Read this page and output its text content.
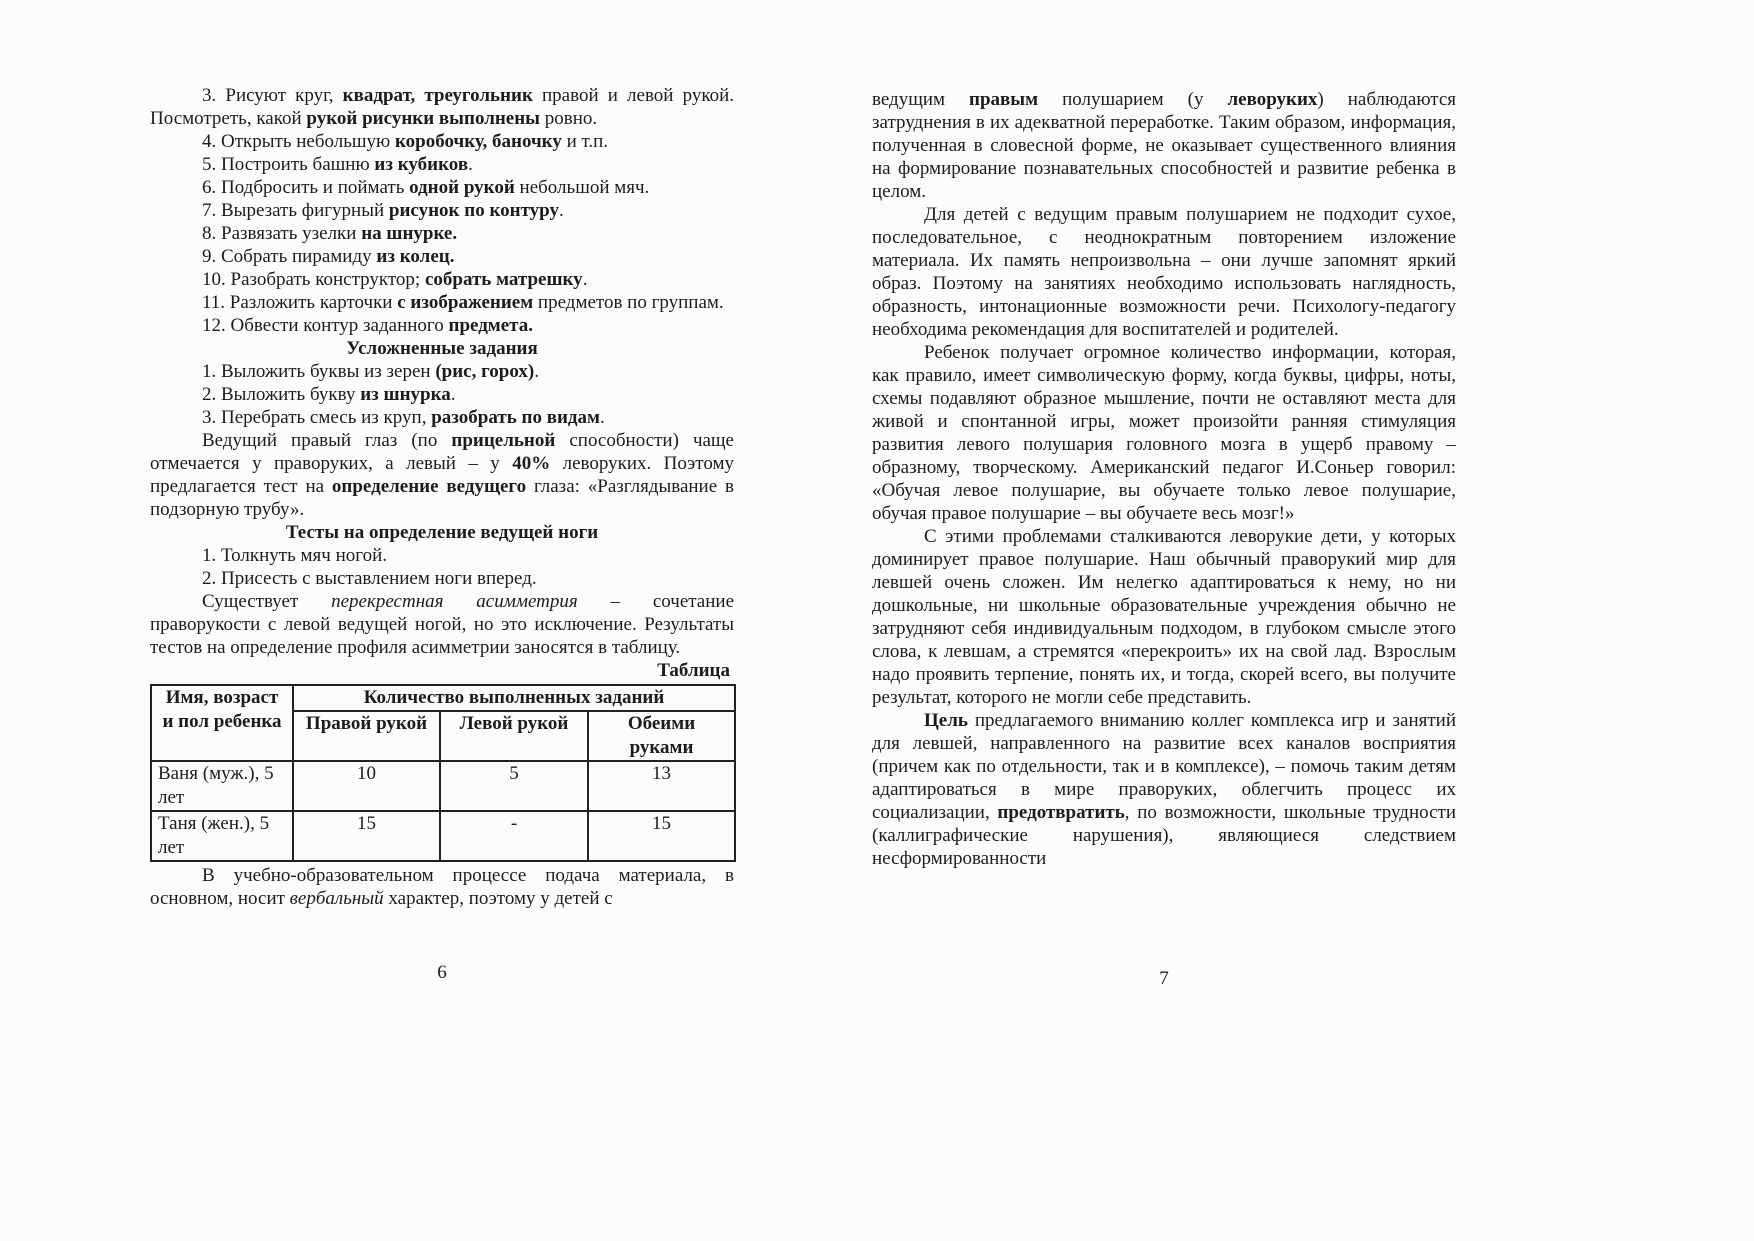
3. Рисуют круг, квадрат, треугольник правой и левой рукой. Посмотреть, какой рукой рисунки выполнены ровно.
4. Открыть небольшую коробочку, баночку и т.п.
5. Построить башню из кубиков.
6. Подбросить и поймать одной рукой небольшой мяч.
7. Вырезать фигурный рисунок по контуру.
8. Развязать узелки на шнурке.
9. Собрать пирамиду из колец.
10. Разобрать конструктор; собрать матрешку.
11. Разложить карточки с изображением предметов по группам.
12. Обвести контур заданного предмета.
Усложненные задания
1. Выложить буквы из зерен (рис, горох).
2. Выложить букву из шнурка.
3. Перебрать смесь из круп, разобрать по видам.
Ведущий правый глаз (по прицельной способности) чаще отмечается у праворуких, а левый – у 40% леворуких. Поэтому предлагается тест на определение ведущего глаза: «Разглядывание в подзорную трубу».
Тесты на определение ведущей ноги
1. Толкнуть мяч ногой.
2. Присесть с выставлением ноги вперед.
Существует перекрестная асимметрия – сочетание праворукости с левой ведущей ногой, но это исключение. Результаты тестов на определение профиля асимметрии заносятся в таблицу.
Таблица
Имя, возраст и пол ребенка	Количество выполненных заданий		
	Правой рукой	Левой рукой	Обеими руками
Ваня (муж.), 5 лет	10	5	13
Таня (жен.), 5 лет	15	-	15
В учебно-образовательном процессе подача материала, в основном, носит вербальный характер, поэтому у детей с
ведущим правым полушарием (у леворуких) наблюдаются затруднения в их адекватной переработке. Таким образом, информация, полученная в словесной форме, не оказывает существенного влияния на формирование познавательных способностей и развитие ребенка в целом.
Для детей с ведущим правым полушарием не подходит сухое, последовательное, с неоднократным повторением изложение материала. Их память непроизвольна – они лучше запомнят яркий образ. Поэтому на занятиях необходимо использовать наглядность, образность, интонационные возможности речи. Психологу-педагогу необходима рекомендация для воспитателей и родителей.
Ребенок получает огромное количество информации, которая, как правило, имеет символическую форму, когда буквы, цифры, ноты, схемы подавляют образное мышление, почти не оставляют места для живой и спонтанной игры, может произойти ранняя стимуляция развития левого полушария головного мозга в ущерб правому – образному, творческому. Американский педагог И.Соньер говорил: «Обучая левое полушарие, вы обучаете только левое полушарие, обучая правое полушарие – вы обучаете весь мозг!»
С этими проблемами сталкиваются леворукие дети, у которых доминирует правое полушарие. Наш обычный праворукий мир для левшей очень сложен. Им нелегко адаптироваться к нему, но ни дошкольные, ни школьные образовательные учреждения обычно не затрудняют себя индивидуальным подходом, в глубоком смысле этого слова, к левшам, а стремятся «перекроить» их на свой лад. Взрослым надо проявить терпение, понять их, и тогда, скорей всего, вы получите результат, которого не могли себе представить.
Цель предлагаемого вниманию коллег комплекса игр и занятий для левшей, направленного на развитие всех каналов восприятия (причем как по отдельности, так и в комплексе), – помочь таким детям адаптироваться в мире праворуких, облегчить процесс их социализации, предотвратить, по возможности, школьные трудности (каллиграфические нарушения), являющиеся следствием несформированности
6	7
